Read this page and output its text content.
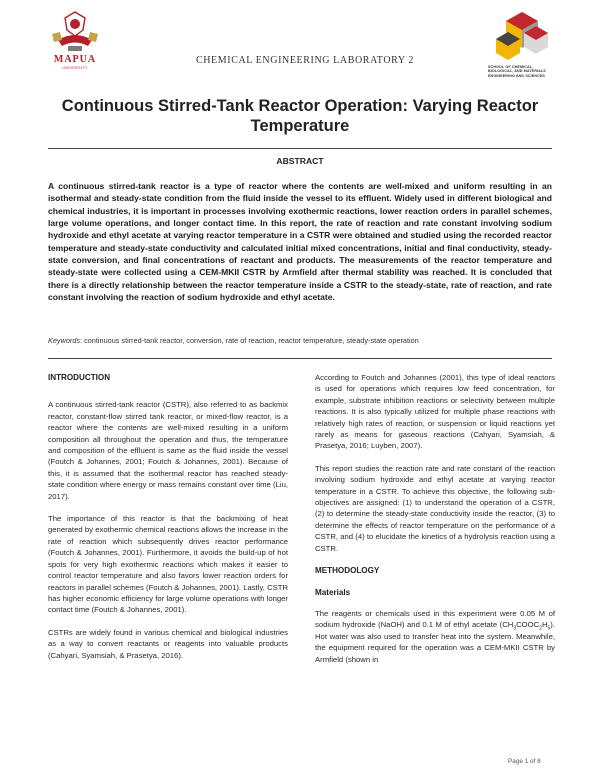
MAPUA
UNIVERSITY
CHEMICAL ENGINEERING LABORATORY 2
SCHOOL OF CHEMICAL, BIOLOGICAL, AND MATERIALS ENGINEERING AND SCIENCES
Continuous Stirred-Tank Reactor Operation: Varying Reactor Temperature
ABSTRACT
A continuous stirred-tank reactor is a type of reactor where the contents are well-mixed and uniform resulting in an isothermal and steady-state condition from the fluid inside the vessel to its effluent. Widely used in different biological and chemical industries, it is important in processes involving exothermic reactions, lower reaction orders in parallel schemes, large volume operations, and longer contact time. In this report, the rate of reaction and rate constant involving sodium hydroxide and ethyl acetate at varying reactor temperature in a CSTR were obtained and studied using the recorded reactor temperature and steady-state conductivity and calculated initial mixed concentrations, initial and final conductivity, steady-state conversion, and final concentrations of reactant and products. The measurements of the reactor temperature and steady-state were collected using a CEM-MKII CSTR by Armfield after thermal stability was reached. It is concluded that there is a directly relationship between the reactor temperature inside a CSTR to the steady-state, rate of reaction, and rate constant involving the reaction of sodium hydroxide and ethyl acetate.
Keywords: continuous stirred-tank reactor, conversion, rate of reaction, reactor temperature, steady-state operation
INTRODUCTION

A continuous stirred-tank reactor (CSTR), also referred to as backmix reactor, constant-flow stirred tank reactor, or mixed-flow reactor, is a reactor where the contents are well-mixed resulting in a uniform composition all throughout the operation and thus, the temperature and composition of the effluent is same as the fluid inside the vessel (Foutch & Johannes, 2001; Foutch & Johannes, 2001). Because of this, it is assumed that the isothermal reactor has reached steady-state condition where energy or mass remains constant over time (Liu, 2017).

The importance of this reactor is that the backmixing of heat generated by exothermic chemical reactions allows the increase in the rate of reaction which subsequently drives reactor performance (Foutch & Johannes, 2001). Furthermore, it avoids the build-up of hot spots for very high exothermic reactions which makes it easier to control reactor temperature and also favors lower reaction orders for reactors in parallel schemes (Foutch & Johannes, 2001). Lastly, CSTR has higher economic efficiency for large volume operations with longer contact time (Foutch & Johannes, 2001).

CSTRs are widely found in various chemical and biological industries as a way to convert reactants or reagents into valuable products (Cahyari, Syamsiah, & Prasetya, 2016).

According to Foutch and Johannes (2001), this type of ideal reactors is used for operations which requires low feed concentration, for example, substrate inhibition reactions or selectivity between multiple reactions. It is also typically utilized for multiple phase reactions with relatively high rates of reaction, or suspension or liquid reactions yet rarely as means for gaseous reactions (Cahyari, Syamsiah, & Prasetya, 2016; Luyben, 2007).

This report studies the reaction rate and rate constant of the reaction involving sodium hydroxide and ethyl acetate at varying reactor temperature in a CSTR. To achieve this objective, the following sub-objectives are assigned: (1) to understand the operation of a CSTR, (2) to determine the steady-state conductivity inside the reactor, (3) to determine the effects of reactor temperature on the performance of a CSTR, and (4) to elucidate the kinetics of a hydrolysis reaction using a CSTR.

METHODOLOGY
Materials

The reagents or chemicals used in this experiment were 0.05 M of sodium hydroxide (NaOH) and 0.1 M of ethyl acetate $(CH_3COOC_2H_5)$. Hot water was also used to transfer heat into the system. Meanwhile, the equipment required for the operation was a CEM-MKII CSTR by Armfield (shown in

Page 1 of 8
